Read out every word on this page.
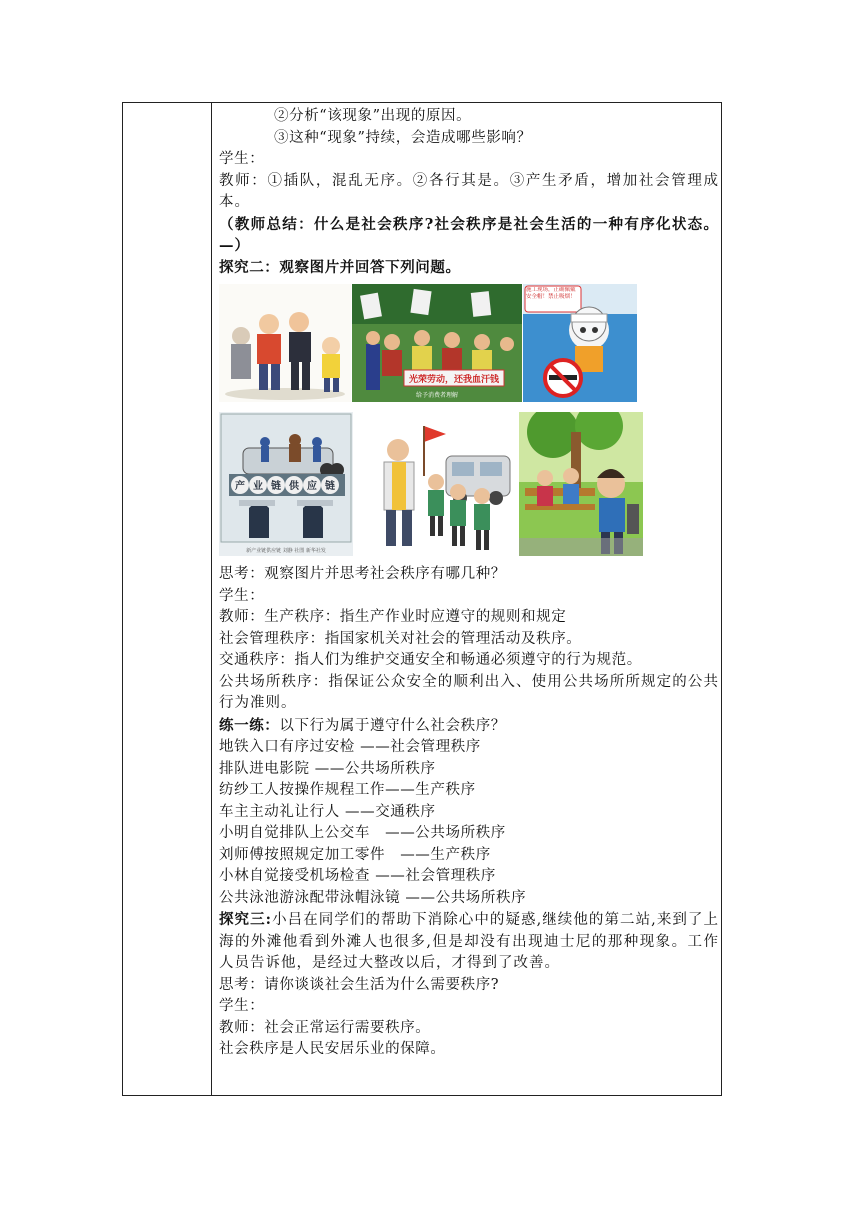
②分析“该现象”出现的原因。
③这种“现象”持续，会造成哪些影响？
学生：
教师：①插队，混乱无序。②各行其是。③产生矛盾，增加社会管理成本。
（教师总结：什么是社会秩序?社会秩序是社会生活的一种有序化状态。—）
探究二：观察图片并回答下列问题。
光荣劳动，还我血汗钱
给予消费者理解
施工现场，正确佩戴安全帽！禁止吸烟！
产 业 链 供 应 链
新产业链供应链 刘静 社图 新华社发
思考：观察图片并思考社会秩序有哪几种？
学生：
教师：生产秩序：指生产作业时应遵守的规则和规定
社会管理秩序：指国家机关对社会的管理活动及秩序。
交通秩序：指人们为维护交通安全和畅通必须遵守的行为规范。
公共场所秩序：指保证公众安全的顺利出入、使用公共场所所规定的公共行为准则。
练一练：以下行为属于遵守什么社会秩序？
地铁入口有序过安检 ——社会管理秩序
排队进电影院 ——公共场所秩序
纺纱工人按操作规程工作——生产秩序
车主主动礼让行人 ——交通秩序
小明自觉排队上公交车　——公共场所秩序
刘师傅按照规定加工零件　——生产秩序
小林自觉接受机场检查 ——社会管理秩序
公共泳池游泳配带泳帽泳镜 ——公共场所秩序
探究三:小吕在同学们的帮助下消除心中的疑惑,继续他的第二站,来到了上海的外滩他看到外滩人也很多,但是却没有出现迪士尼的那种现象。工作人员告诉他，是经过大整改以后，才得到了改善。
思考：请你谈谈社会生活为什么需要秩序?
学生：
教师：社会正常运行需要秩序。
社会秩序是人民安居乐业的保障。
